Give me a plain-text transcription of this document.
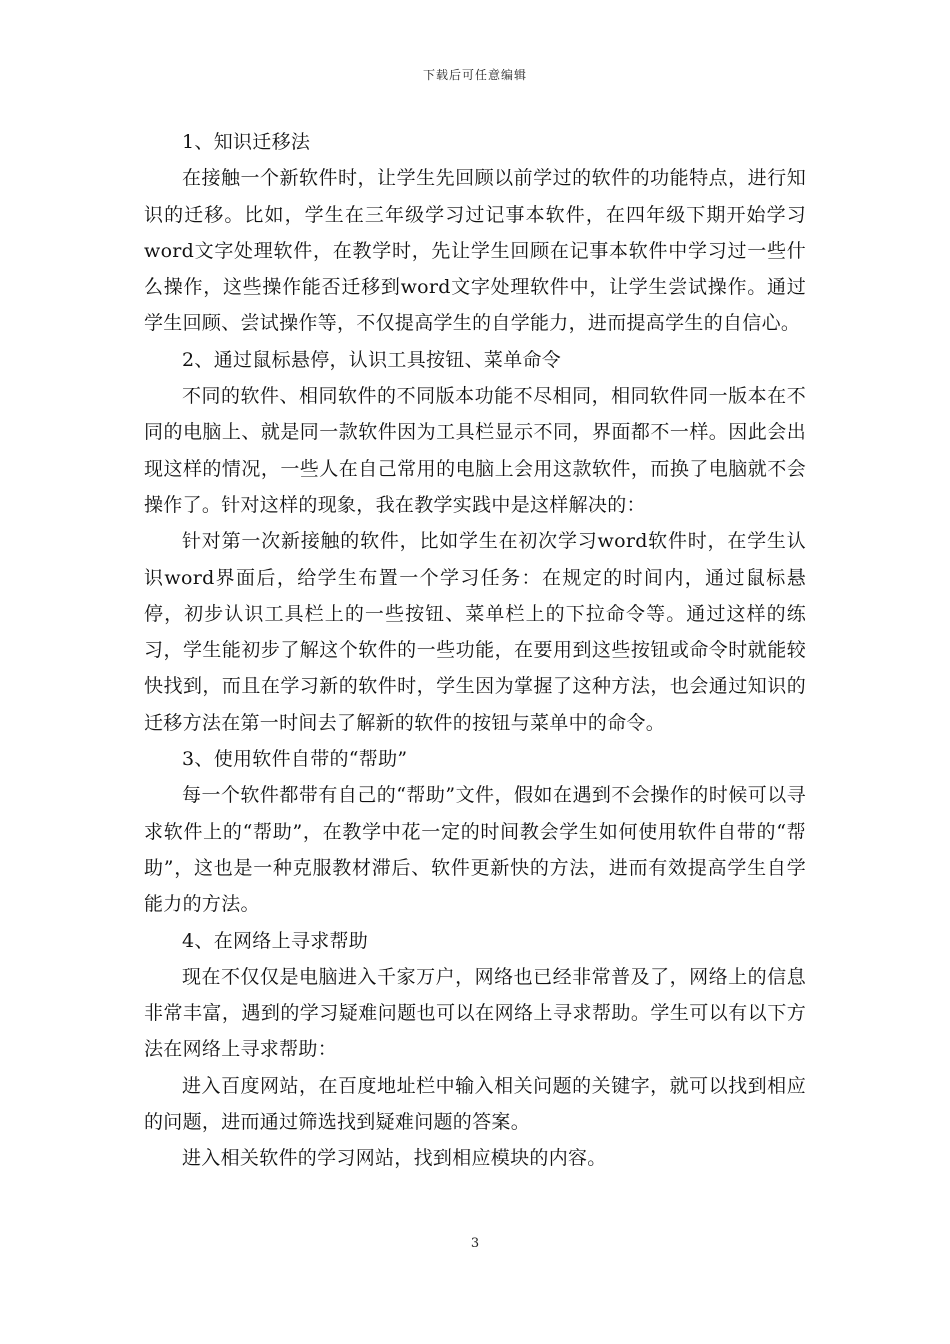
下载后可任意编辑

1、知识迁移法

在接触一个新软件时，让学生先回顾以前学过的软件的功能特点，进行知识的迁移。比如，学生在三年级学习过记事本软件，在四年级下期开始学习word文字处理软件，在教学时，先让学生回顾在记事本软件中学习过一些什么操作，这些操作能否迁移到word文字处理软件中，让学生尝试操作。通过学生回顾、尝试操作等，不仅提高学生的自学能力，进而提高学生的自信心。

2、通过鼠标悬停，认识工具按钮、菜单命令

不同的软件、相同软件的不同版本功能不尽相同，相同软件同一版本在不同的电脑上、就是同一款软件因为工具栏显示不同，界面都不一样。因此会出现这样的情况，一些人在自己常用的电脑上会用这款软件，而换了电脑就不会操作了。针对这样的现象，我在教学实践中是这样解决的：

针对第一次新接触的软件，比如学生在初次学习word软件时，在学生认识word界面后，给学生布置一个学习任务：在规定的时间内，通过鼠标悬停，初步认识工具栏上的一些按钮、菜单栏上的下拉命令等。通过这样的练习，学生能初步了解这个软件的一些功能，在要用到这些按钮或命令时就能较快找到，而且在学习新的软件时，学生因为掌握了这种方法，也会通过知识的迁移方法在第一时间去了解新的软件的按钮与菜单中的命令。

3、使用软件自带的“帮助”

每一个软件都带有自己的“帮助”文件，假如在遇到不会操作的时候可以寻求软件上的“帮助”，在教学中花一定的时间教会学生如何使用软件自带的“帮助”，这也是一种克服教材滞后、软件更新快的方法，进而有效提高学生自学能力的方法。

4、在网络上寻求帮助

现在不仅仅是电脑进入千家万户，网络也已经非常普及了，网络上的信息非常丰富，遇到的学习疑难问题也可以在网络上寻求帮助。学生可以有以下方法在网络上寻求帮助：

进入百度网站，在百度地址栏中输入相关问题的关键字，就可以找到相应的问题，进而通过筛选找到疑难问题的答案。

进入相关软件的学习网站，找到相应模块的内容。

3
